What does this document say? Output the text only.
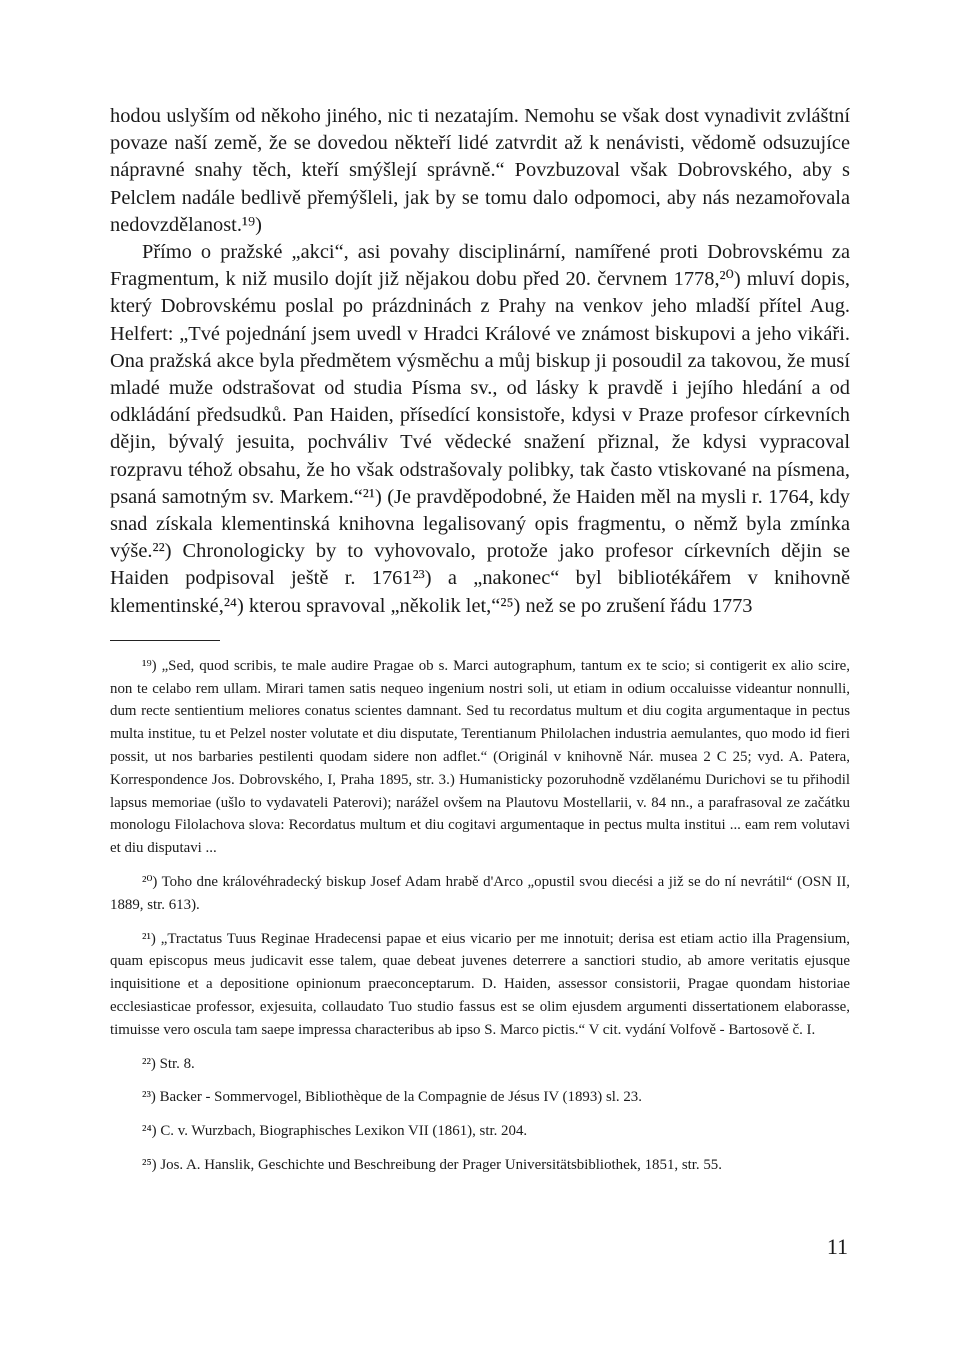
hodou uslyším od někoho jiného, nic ti nezatajím. Nemohu se však dost vynadivit zvláštní povaze naší země, že se dovedou někteří lidé zatvrdit až k nenávisti, vědomě odsuzujíce nápravné snahy těch, kteří smýšlejí správně.“ Povzbuzoval však Dobrovského, aby s Pelclem nadále bedlivě přemýšleli, jak by se tomu dalo odpomoci, aby nás nezamořovala nedovzdělanost.¹⁹)

Přímo o pražské „akci“, asi povahy disciplinární, namířené proti Dobrovskému za Fragmentum, k niž musilo dojít již nějakou dobu před 20. červnem 1778,²⁰) mluví dopis, který Dobrovskému poslal po prázdninách z Prahy na venkov jeho mladší přítel Aug. Helfert: „Tvé pojednání jsem uvedl v Hradci Králové ve známost biskupovi a jeho vikáři. Ona pražská akce byla předmětem výsměchu a můj biskup ji posoudil za takovou, že musí mladé muže odstrašovat od studia Písma sv., od lásky k pravdě i jejího hledání a od odkládání předsudků. Pan Haiden, přísedící konsistoře, kdysi v Praze profesor církevních dějin, bývalý jesuita, pochváliv Tvé vědecké snažení přiznal, že kdysi vypracoval rozpravu téhož obsahu, že ho však odstrašovaly polibky, tak často vtiskované na písmena, psaná samotným sv. Markem.“²¹) (Je pravděpodobné, že Haiden měl na mysli r. 1764, kdy snad získala klementinská knihovna legalisovaný opis fragmentu, o němž byla zmínka výše.²²) Chronologicky by to vyhovovalo, protože jako profesor církevních dějin se Haiden podpisoval ještě r. 1761²³) a „nakonec“ byl bibliotékářem v knihovně klementinské,²⁴) kterou spravoval „několik let,“²⁵) než se po zrušení řádu 1773

¹⁹) „Sed, quod scribis, te male audire Pragae ob s. Marci autographum, tantum ex te scio; si contigerit ex alio scire, non te celabo rem ullam. Mirari tamen satis nequeo ingenium nostri soli, ut etiam in odium occaluisse videantur nonnulli, dum recte sentientium meliores conatus scientes damnant. Sed tu recordatus multum et diu cogita argumentaque in pectus multa institue, tu et Pelzel noster volutate et diu disputate, Terentianum Philolachen industria aemulantes, quo modo id fieri possit, ut nos barbaries pestilenti quodam sidere non adflet.“ (Originál v knihovně Nár. musea 2 C 25; vyd. A. Patera, Korrespondence Jos. Dobrovského, I, Praha 1895, str. 3.) Humanisticky pozoruhodně vzdělanému Durichovi se tu přihodil lapsus memoriae (ušlo to vydavateli Paterovi); narážel ovšem na Plautovu Mostellarii, v. 84 nn., a parafrasoval ze začátku monologu Filolachova slova: Recordatus multum et diu cogitavi argumentaque in pectus multa institui ... eam rem volutavi et diu disputavi ...

²⁰) Toho dne královéhradecký biskup Josef Adam hrabě d'Arco „opustil svou diecési a již se do ní nevrátil“ (OSN II, 1889, str. 613).

²¹) „Tractatus Tuus Reginae Hradecensi papae et eius vicario per me innotuit; derisa est etiam actio illa Pragensium, quam episcopus meus judicavit esse talem, quae debeat juvenes deterrere a sanctiori studio, ab amore veritatis ejusque inquisitione et a depositione opinionum praeconceptarum. D. Haiden, assessor consistorii, Pragae quondam historiae ecclesiasticae professor, exjesuita, collaudato Tuo studio fassus est se olim ejusdem argumenti dissertationem elaborasse, timuisse vero oscula tam saepe impressa characteribus ab ipso S. Marco pictis.“ V cit. vydání Volfově - Bartosově č. I.

²²) Str. 8.

²³) Backer - Sommervogel, Bibliothèque de la Compagnie de Jésus IV (1893) sl. 23.

²⁴) C. v. Wurzbach, Biographisches Lexikon VII (1861), str. 204.

²⁵) Jos. A. Hanslik, Geschichte und Beschreibung der Prager Universitätsbibliothek, 1851, str. 55.

11
